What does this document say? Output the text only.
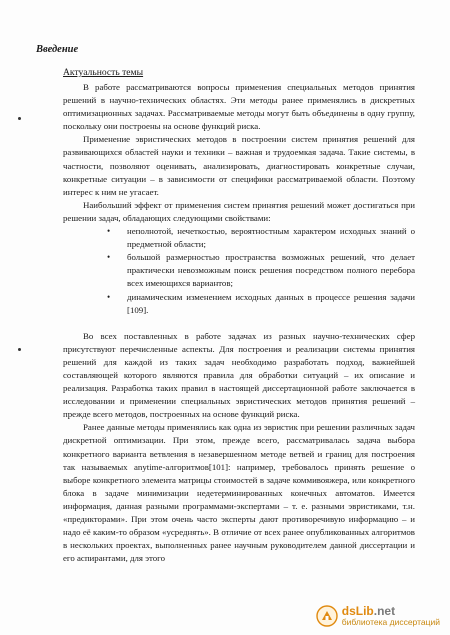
Введение
Актуальность темы

В работе рассматриваются вопросы применения специальных методов принятия решений в научно-технических областях. Эти методы ранее применялись в дискретных оптимизационных задачах. Рассматриваемые методы могут быть объединены в одну группу, поскольку они построены на основе функций риска.

Применение эвристических методов в построении систем принятия решений для развивающихся областей науки и техники – важная и трудоемкая задача. Такие системы, в частности, позволяют оценивать, анализировать, диагностировать конкретные случаи, конкретные ситуации – в зависимости от специфики рассматриваемой области. Поэтому интерес к ним не угасает.

Наибольший эффект от применения систем принятия решений может достигаться при решении задач, обладающих следующими свойствами:

• неполнотой, нечеткостью, вероятностным характером исходных знаний о предметной области;
• большой размерностью пространства возможных решений, что делает практически невозможным поиск решения посредством полного перебора всех имеющихся вариантов;
• динамическим изменением исходных данных в процессе решения задачи [109].

Во всех поставленных в работе задачах из разных научно-технических сфер присутствуют перечисленные аспекты. Для построения и реализации системы принятия решений для каждой из таких задач необходимо разработать подход, важнейшей составляющей которого являются правила для обработки ситуаций – их описание и реализация. Разработка таких правил в настоящей диссертационной работе заключается в исследовании и применении специальных эвристических методов принятия решений – прежде всего методов, построенных на основе функций риска.

Ранее данные методы применялись как одна из эвристик при решении различных задач дискретной оптимизации. При этом, прежде всего, рассматривалась задача выбора конкретного варианта ветвления в незавершенном методе ветвей и границ для построения так называемых anytime-алгоритмов[101]: например, требовалось принять решение о выборе конкретного элемента матрицы стоимостей в задаче коммивояжера, или конкретного блока в задаче минимизации недетерминированных конечных автоматов. Имеется информация, данная разными программами-экспертами – т. е. разными эвристиками, т.н. «предикторами». При этом очень часто эксперты дают противоречивую информацию – и надо её каким-то образом «усреднять». В отличие от всех ранее опубликованных алгоритмов в нескольких проектах, выполненных ранее научным руководителем данной диссертации и его аспирантами, для этого

dsLib.net
библиотека диссертаций
